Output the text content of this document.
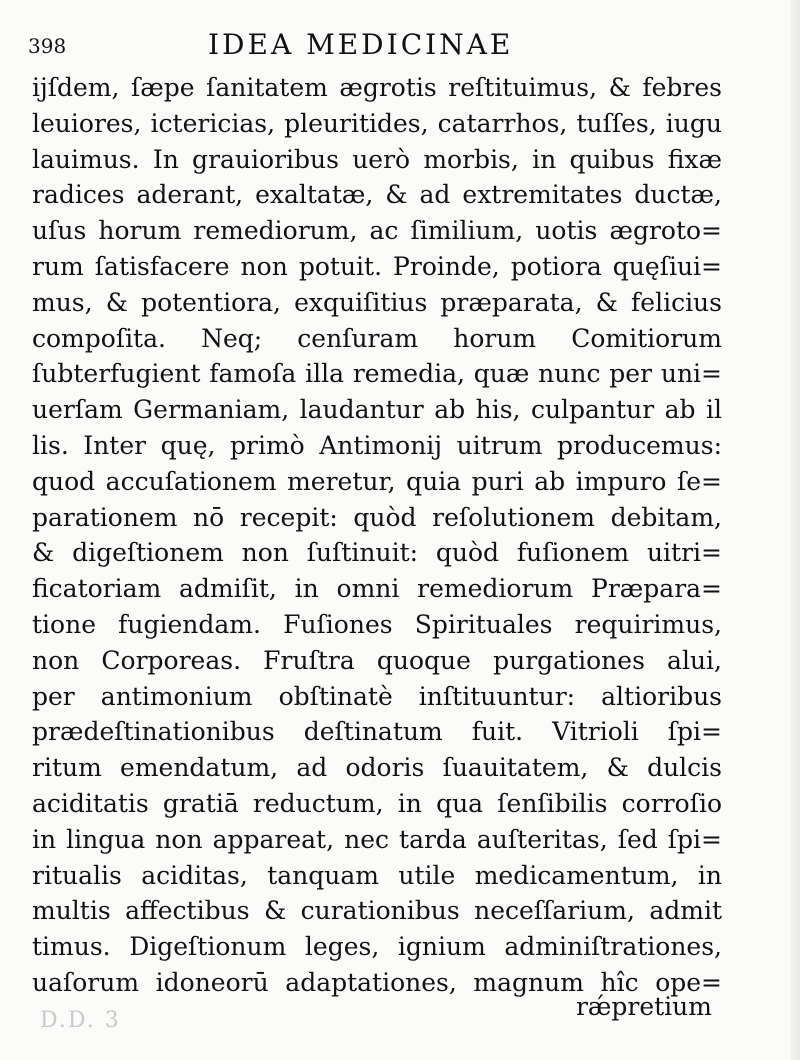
398	IDEA MEDICINAE
ijſdem, ſæpe ſanitatem ægrotis reſtituimus, & febres
leuiores, ictericias, pleuritides, catarrhos, tuſſes, iugu
lauimus. In grauioribus uerò morbis, in quibus fixæ
radices aderant, exaltatæ, & ad extremitates ductæ,
uſus horum remediorum, ac ſimilium, uotis ægroto=
rum ſatisfacere non potuit. Proinde, potiora quęſiui=
mus, & potentiora, exquiſitius præparata, & felicius
compoſita. Neq; cenſuram horum Comitiorum
ſubterfugient famoſa illa remedia, quæ nunc per uni=
uerſam Germaniam, laudantur ab his, culpantur ab il
lis. Inter quę, primò Antimonij uitrum producemus:
quod accuſationem meretur, quia puri ab impuro ſe=
parationem nō recepit: quòd reſolutionem debitam,
& digeſtionem non ſuſtinuit: quòd fuſionem uitri=
ficatoriam admiſit, in omni remediorum Præpara=
tione fugiendam. Fuſiones Spirituales requirimus,
non Corporeas. Fruſtra quoque purgationes alui,
per antimonium obſtinatè inſtituuntur: altioribus
prædeſtinationibus deſtinatum fuit. Vitrioli ſpi=
ritum emendatum, ad odoris ſuauitatem, & dulcis
aciditatis gratiā reductum, in qua ſenſibilis corroſio
in lingua non appareat, nec tarda auſteritas, ſed ſpi=
ritualis aciditas, tanquam utile medicamentum, in
multis affectibus & curationibus neceſſarium, admit
timus. Digeſtionum leges, ignium adminiſtrationes,
uaſorum idoneorū adaptationes, magnum hîc ope=
rǽpretium
D.D. 3
